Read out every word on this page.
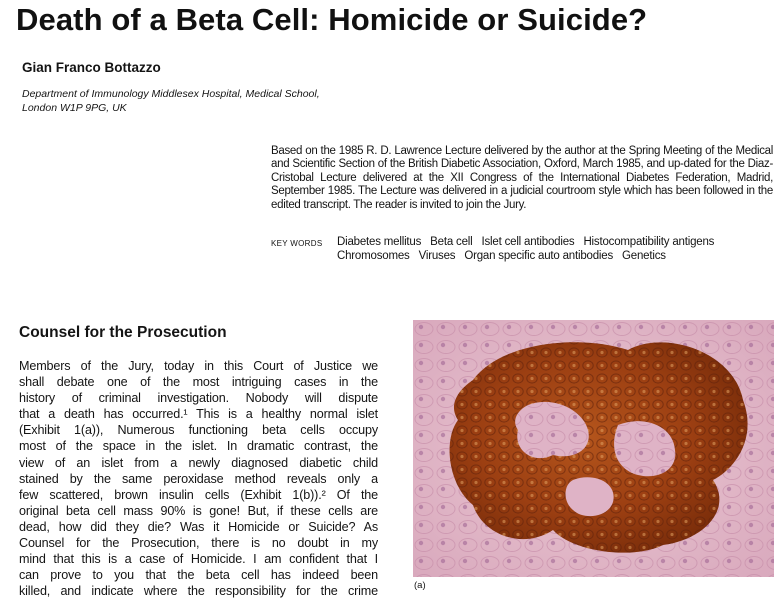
Death of a Beta Cell: Homicide or Suicide?
Gian Franco Bottazzo
Department of Immunology Middlesex Hospital, Medical School,
London W1P 9PG, UK

Based on the 1985 R. D. Lawrence Lecture delivered by the author at the Spring Meeting of the Medical and Scientific Section of the British Diabetic Association, Oxford, March 1985, and up-dated for the Diaz-Cristobal Lecture delivered at the XII Congress of the International Diabetes Federation, Madrid, September 1985. The Lecture was delivered in a judicial courtroom style which has been followed in the edited transcript. The reader is invited to join the Jury.

KEY WORDS Diabetes mellitus Beta cell Islet cell antibodies Histocompatibility antigens Chromosomes Viruses Organ specific auto antibodies Genetics
Counsel for the Prosecution
Members of the Jury, today in this Court of Justice we
shall debate one of the most intriguing cases in the
history of criminal investigation. Nobody will dispute
that a death has occurred.¹ This is a healthy normal islet
(Exhibit 1(a)), Numerous functioning beta cells occupy
most of the space in the islet. In dramatic contrast, the
view of an islet from a newly diagnosed diabetic child
stained by the same peroxidase method reveals only a
few scattered, brown insulin cells (Exhibit 1(b)).² Of the
original beta cell mass 90% is gone! But, if these cells are
dead, how did they die? Was it Homicide or Suicide? As
Counsel for the Prosecution, there is no doubt in my
mind that this is a case of Homicide. I am confident that I
can prove to you that the beta cell has indeed been
killed, and indicate where the responsibility for the crime	(a)
